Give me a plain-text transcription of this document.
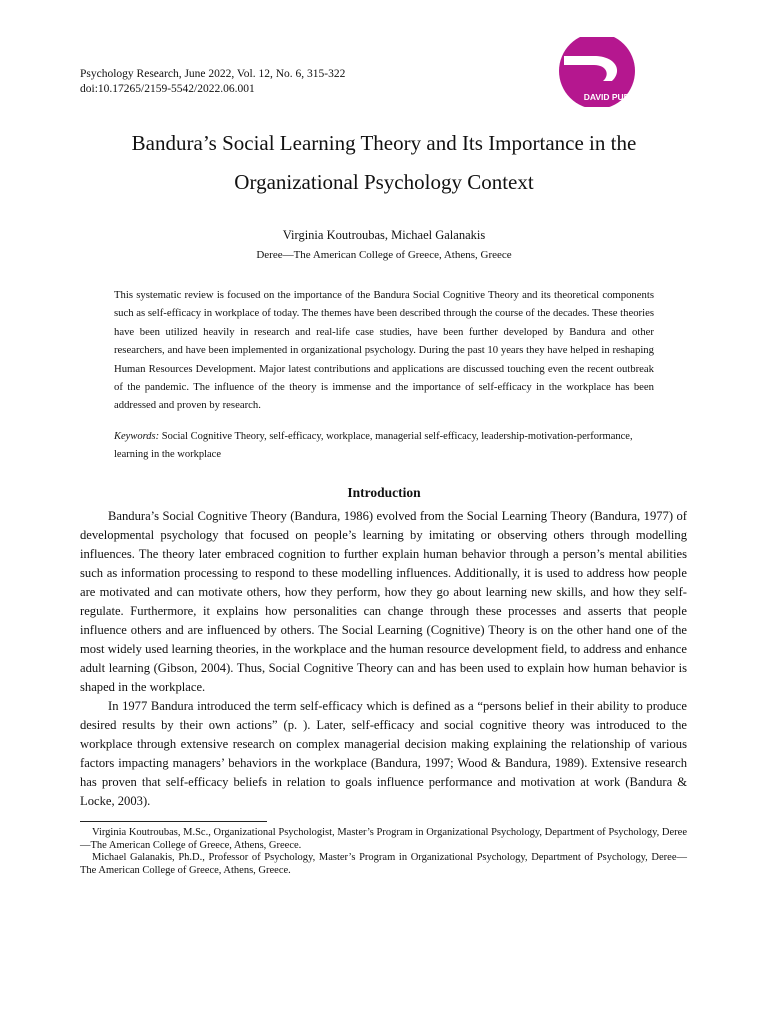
Psychology Research, June 2022, Vol. 12, No. 6, 315-322
doi:10.17265/2159-5542/2022.06.001
DAVID PUBLISHING
Bandura’s Social Learning Theory and Its Importance in the
Organizational Psychology Context
Virginia Koutroubas, Michael Galanakis
Deree—The American College of Greece, Athens, Greece

This systematic review is focused on the importance of the Bandura Social Cognitive Theory and its theoretical components such as self-efficacy in workplace of today. The themes have been described through the course of the decades. These theories have been utilized heavily in research and real-life case studies, have been further developed by Bandura and other researchers, and have been implemented in organizational psychology. During the past 10 years they have helped in reshaping Human Resources Development. Major latest contributions and applications are discussed touching even the recent outbreak of the pandemic. The influence of the theory is immense and the importance of self-efficacy in the workplace has been addressed and proven by research.

Keywords: Social Cognitive Theory, self-efficacy, workplace, managerial self-efficacy, leadership-motivation-performance, learning in the workplace

Introduction

Bandura’s Social Cognitive Theory (Bandura, 1986) evolved from the Social Learning Theory (Bandura, 1977) of developmental psychology that focused on people’s learning by imitating or observing others through modelling influences. The theory later embraced cognition to further explain human behavior through a person’s mental abilities such as information processing to respond to these modelling influences. Additionally, it is used to address how people are motivated and can motivate others, how they perform, how they go about learning new skills, and how they self-regulate. Furthermore, it explains how personalities can change through these processes and asserts that people influence others and are influenced by others. The Social Learning (Cognitive) Theory is on the other hand one of the most widely used learning theories, in the workplace and the human resource development field, to address and enhance adult learning (Gibson, 2004). Thus, Social Cognitive Theory can and has been used to explain how human behavior is shaped in the workplace.

In 1977 Bandura introduced the term self-efficacy which is defined as a “persons belief in their ability to produce desired results by their own actions” (p. ). Later, self-efficacy and social cognitive theory was introduced to the workplace through extensive research on complex managerial decision making explaining the relationship of various factors impacting managers’ behaviors in the workplace (Bandura, 1997; Wood & Bandura, 1989). Extensive research has proven that self-efficacy beliefs in relation to goals influence performance and motivation at work (Bandura & Locke, 2003).

Virginia Koutroubas, M.Sc., Organizational Psychologist, Master’s Program in Organizational Psychology, Department of Psychology, Deree—The American College of Greece, Athens, Greece.

Michael Galanakis, Ph.D., Professor of Psychology, Master’s Program in Organizational Psychology, Department of Psychology, Deree—The American College of Greece, Athens, Greece.
